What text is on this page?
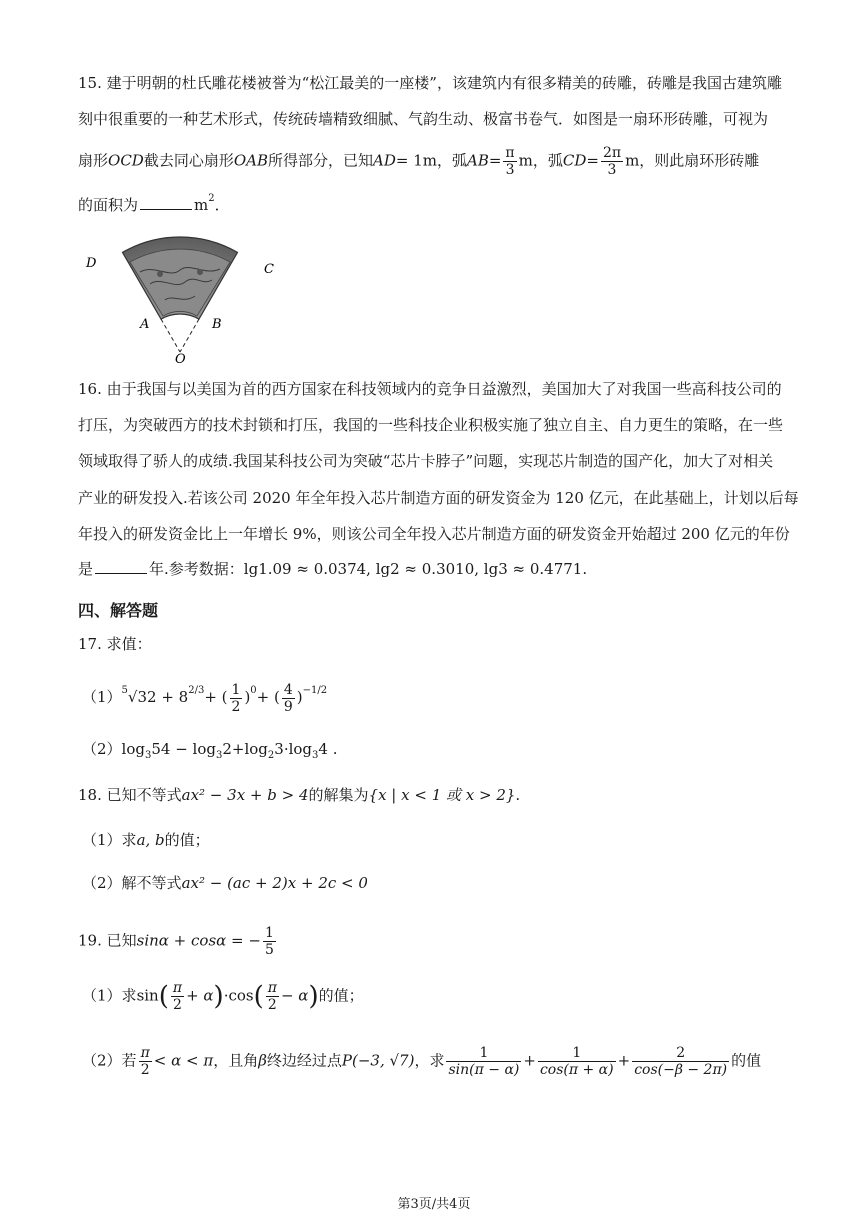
15. 建于明朝的杜氏雕花楼被誉为“松江最美的一座楼”，该建筑内有很多精美的砖雕，砖雕是我国古建筑雕
刻中很重要的一种艺术形式，传统砖墙精致细腻、气韵生动、极富书卷气．如图是一扇环形砖雕，可视为
扇形OCD截去同心扇形OAB所得部分，已知AD= 1m，弧$AB= \frac{\pi}{3}$ m，弧$CD= \frac{2\pi}{3}$ m，则此扇环形砖雕
的面积为	$m^2$．
D	C
A	B
O
16. 由于我国与以美国为首的西方国家在科技领域内的竞争日益激烈，美国加大了对我国一些高科技公司的
打压，为突破西方的技术封锁和打压，我国的一些科技企业积极实施了独立自主、自力更生的策略，在一些
领域取得了骄人的成绩.我国某科技公司为突破“芯片卡脖子”问题，实现芯片制造的国产化，加大了对相关
产业的研发投入.若该公司 2020 年全年投入芯片制造方面的研发资金为 120 亿元，在此基础上，计划以后每
年投入的研发资金比上一年增长 9%，则该公司全年投入芯片制造方面的研发资金开始超过 200 亿元的年份
是	年.参考数据：lg1.09 ≈ 0.0374, lg2 ≈ 0.3010, lg3 ≈ 0.4771.
四、解答题
17. 求值：
$(1)^5√32 + 8^{2/3}+$ ( $\frac{1}{2} )^0+$ ( $\frac{4}{9} )^{-1/2}$
$(2)\log_354 - \log_32+\log_23\cdot\log_34$ .
18. 已知不等式ax² − 3x + b > 4的解集为{x | x < 1 或 x > 2}.
（1）求a, b的值；
（2）解不等式ax² − (ac + 2)x + 2c < 0
19. 已知sinα + cosα = − $\frac{1}{5}$
（1）求$\sin( \frac{\pi}{2} + \alpha)\cdot\cos( \frac{\pi}{2} - \alpha)$的值；
（2）若 $\frac{\pi}{2} < \alpha < \pi$，且角β终边经过点P(−3, √7)，求 $\frac{1}{\sin(\pi - \alpha)} + \frac{1}{\cos(\pi + \alpha)} + \frac{2}{\cos(-\beta - 2\pi)}$ 的值
第3页/共4页
